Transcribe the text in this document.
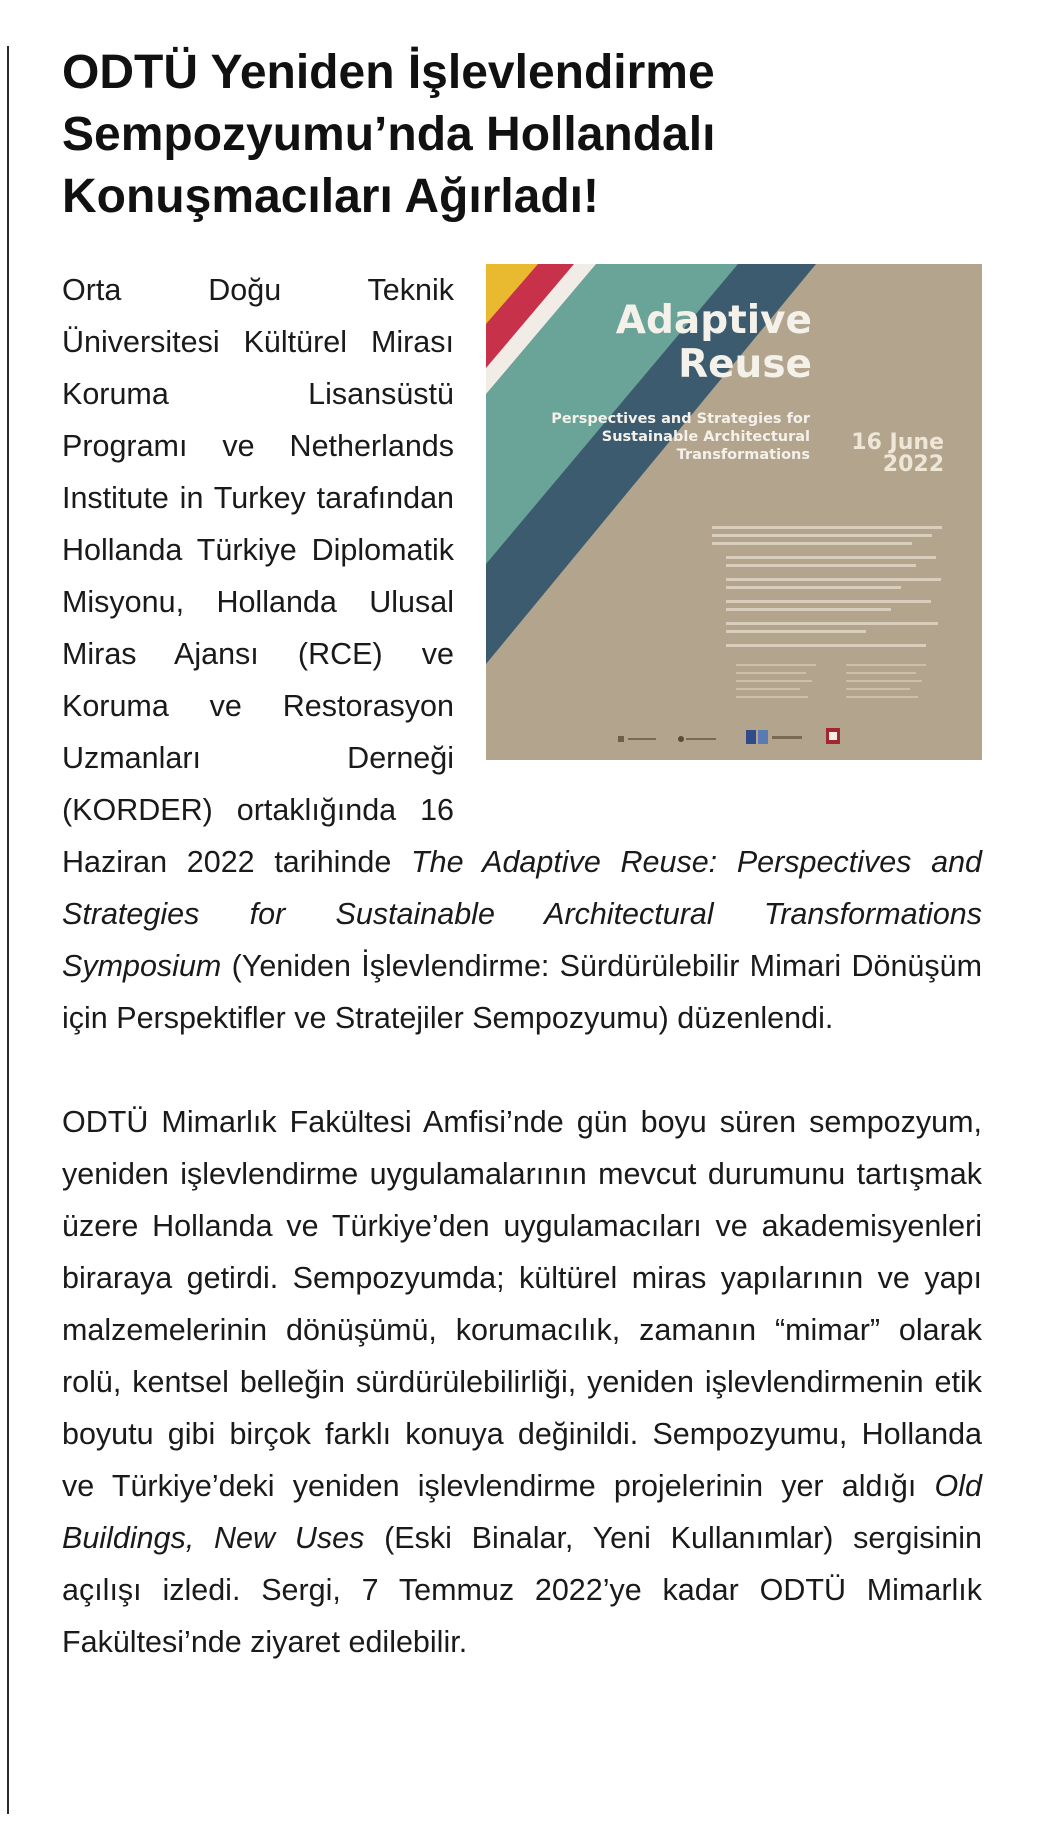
ODTÜ Yeniden İşlevlendirme Sempozyumu’nda Hollandalı Konuşmacıları Ağırladı!
Adaptive
Reuse
Perspectives and Strategies for Sustainable Architectural Transformations	16 June 2022

Orta Doğu Teknik Üniversitesi Kültürel Mirası Koruma Lisansüstü Programı ve Netherlands Institute in Turkey tarafından Hollanda Türkiye Diplomatik Misyonu, Hollanda Ulusal Miras Ajansı (RCE) ve Koruma ve Restorasyon Uzmanları Derneği (KORDER) ortaklığında 16 Haziran 2022 tarihinde The Adaptive Reuse: Perspectives and Strategies for Sustainable Architectural Transformations Symposium (Yeniden İşlevlendirme: Sürdürülebilir Mimari Dönüşüm için Perspektifler ve Stratejiler Sempozyumu) düzenlendi.

ODTÜ Mimarlık Fakültesi Amfisi’nde gün boyu süren sempozyum, yeniden işlevlendirme uygulamalarının mevcut durumunu tartışmak üzere Hollanda ve Türkiye’den uygulamacıları ve akademisyenleri biraraya getirdi. Sempozyumda; kültürel miras yapılarının ve yapı malzemelerinin dönüşümü, korumacılık, zamanın “mimar” olarak rolü, kentsel belleğin sürdürülebilirliği, yeniden işlevlendirmenin etik boyutu gibi birçok farklı konuya değinildi. Sempozyumu, Hollanda ve Türkiye’deki yeniden işlevlendirme projelerinin yer aldığı Old Buildings, New Uses (Eski Binalar, Yeni Kullanımlar) sergisinin açılışı izledi. Sergi, 7 Temmuz 2022’ye kadar ODTÜ Mimarlık Fakültesi’nde ziyaret edilebilir.
